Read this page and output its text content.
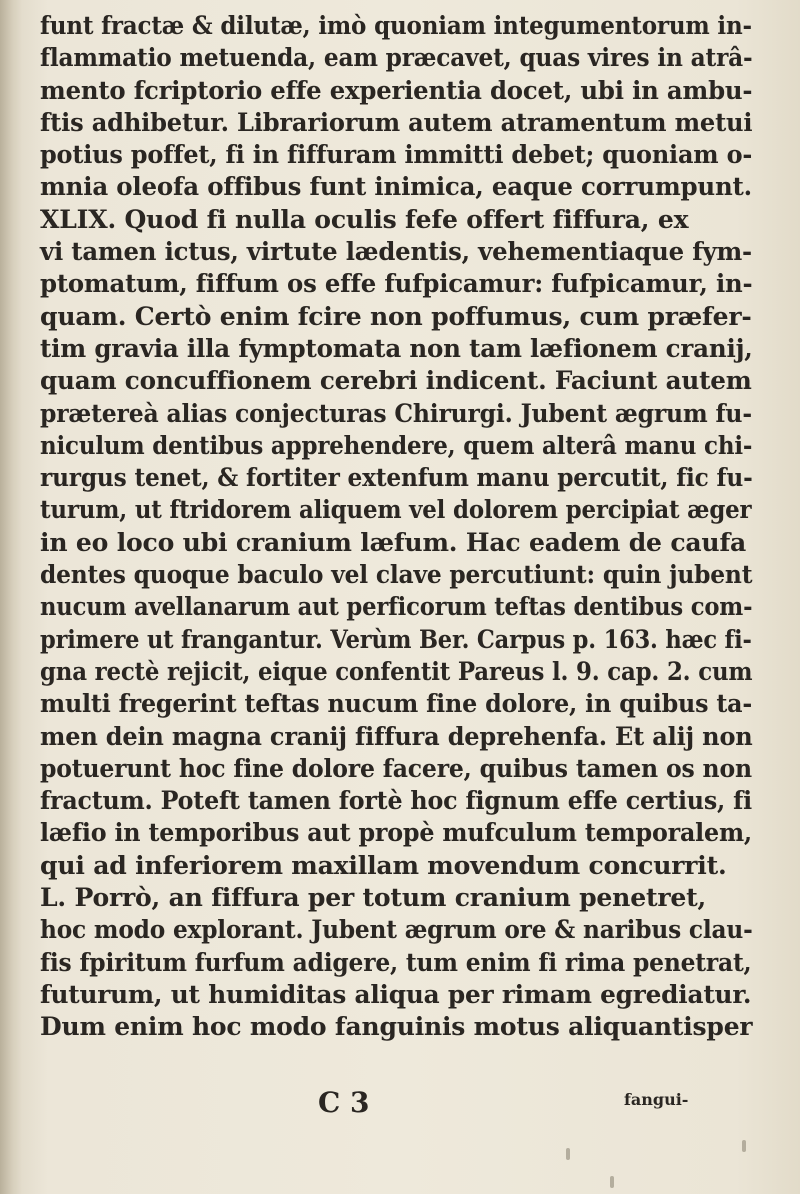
funt fractæ & dilutæ, imò quoniam integumentorum in-
flammatio metuenda, eam præcavet, quas vires in atrâ-
mento fcriptorio effe experientia docet, ubi in ambu-
ftis adhibetur. Librariorum autem atramentum metui
potius poffet, fi in fiffuram immitti debet; quoniam o-
mnia oleofa offibus funt inimica, eaque corrumpunt.
XLIX. Quod fi nulla oculis fefe offert fiffura, ex
vi tamen ictus, virtute lædentis, vehementiaque fym-
ptomatum, fiffum os effe fufpicamur: fufpicamur, in-
quam. Certò enim fcire non poffumus, cum præfer-
tim gravia illa fymptomata non tam læfionem cranij,
quam concuffionem cerebri indicent. Faciunt autem
prætereà alias conjecturas Chirurgi. Jubent ægrum fu-
niculum dentibus apprehendere, quem alterâ manu chi-
rurgus tenet, & fortiter extenfum manu percutit, fic fu-
turum, ut ftridorem aliquem vel dolorem percipiat æger
in eo loco ubi cranium læfum. Hac eadem de caufa
dentes quoque baculo vel clave percutiunt: quin jubent
nucum avellanarum aut perficorum teftas dentibus com-
primere ut frangantur. Verùm Ber. Carpus p. 163. hæc fi-
gna rectè rejicit, eique confentit Pareus l. 9. cap. 2. cum
multi fregerint teftas nucum fine dolore, in quibus ta-
men dein magna cranij fiffura deprehenfa. Et alij non
potuerunt hoc fine dolore facere, quibus tamen os non
fractum. Poteft tamen fortè hoc fignum effe certius, fi
læfio in temporibus aut propè mufculum temporalem,
qui ad inferiorem maxillam movendum concurrit.
L. Porrò, an fiffura per totum cranium penetret,
hoc modo explorant. Jubent ægrum ore & naribus clau-
fis fpiritum furfum adigere, tum enim fi rima penetrat,
futurum, ut humiditas aliqua per rimam egrediatur.
Dum enim hoc modo fanguinis motus aliquantisper
C 3	fangui-
